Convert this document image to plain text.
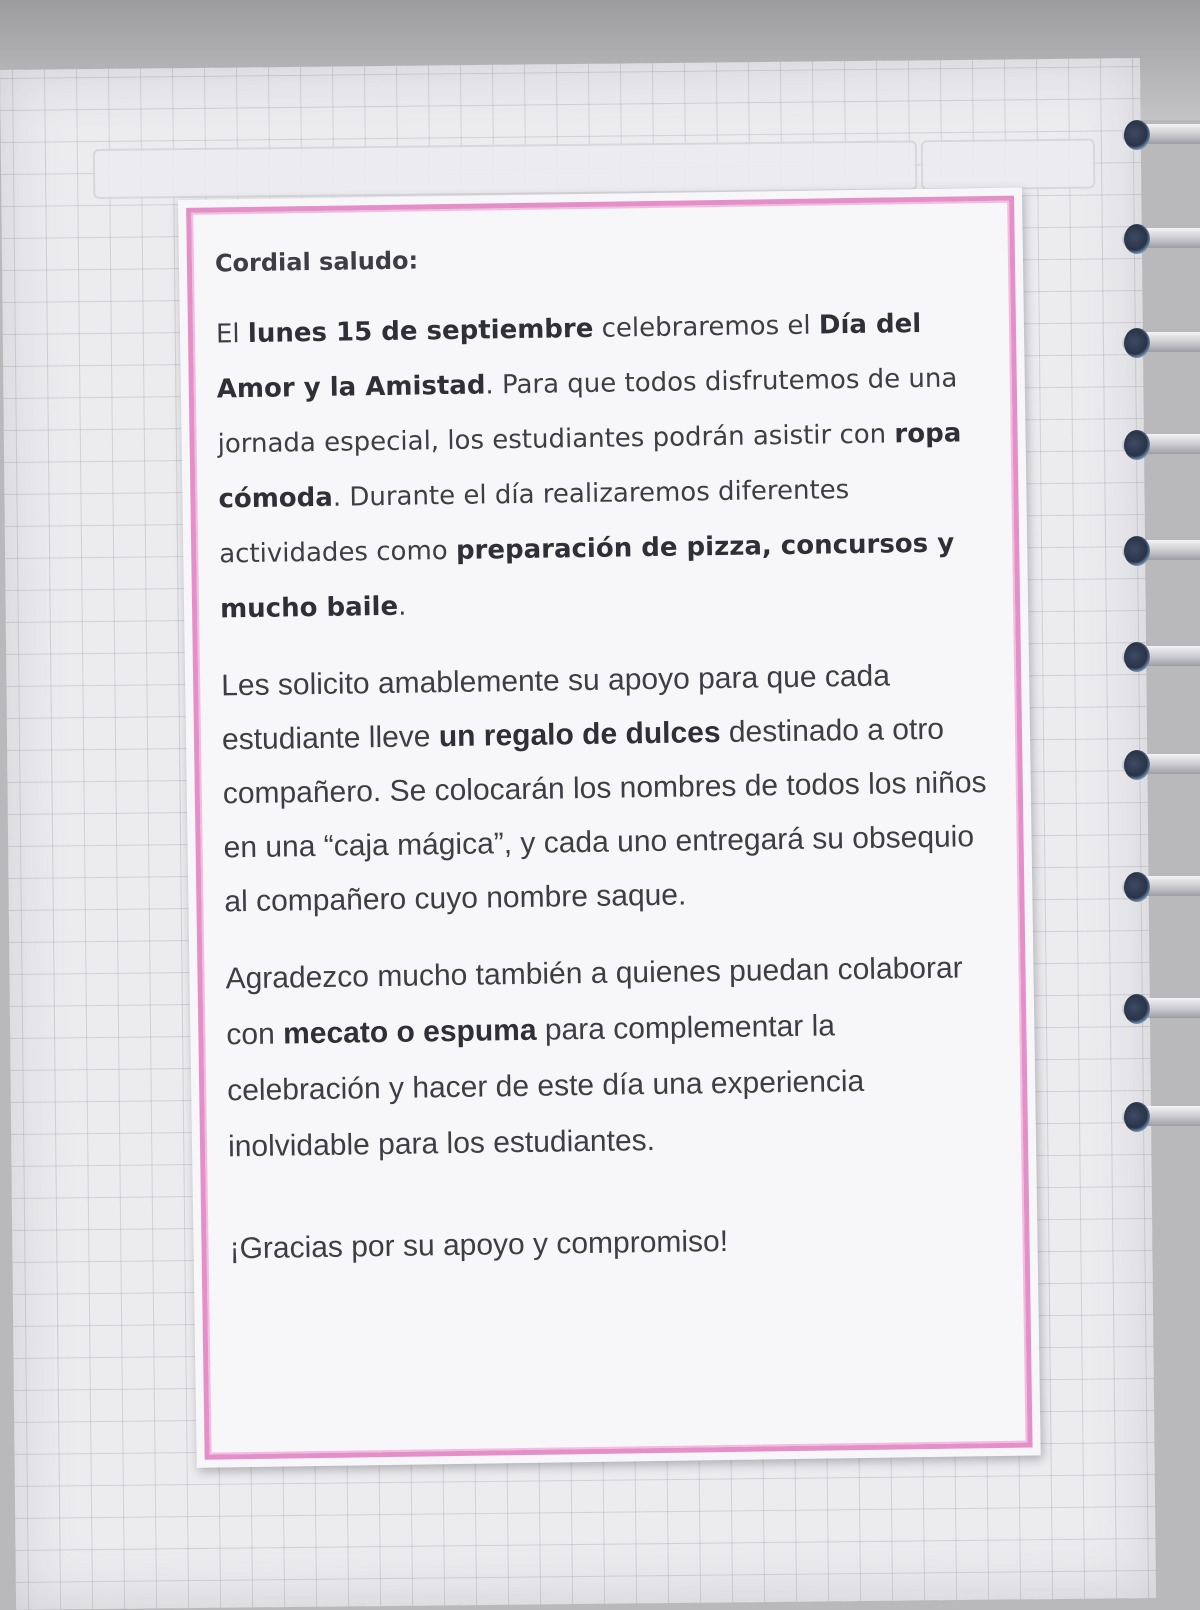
Cordial saludo:

El lunes 15 de septiembre celebraremos el Día del Amor y la Amistad. Para que todos disfrutemos de una jornada especial, los estudiantes podrán asistir con ropa cómoda. Durante el día realizaremos diferentes actividades como preparación de pizza, concursos y mucho baile.

Les solicito amablemente su apoyo para que cada estudiante lleve un regalo de dulces destinado a otro compañero. Se colocarán los nombres de todos los niños en una “caja mágica”, y cada uno entregará su obsequio al compañero cuyo nombre saque.

Agradezco mucho también a quienes puedan colaborar con mecato o espuma para complementar la celebración y hacer de este día una experiencia inolvidable para los estudiantes.

¡Gracias por su apoyo y compromiso!
